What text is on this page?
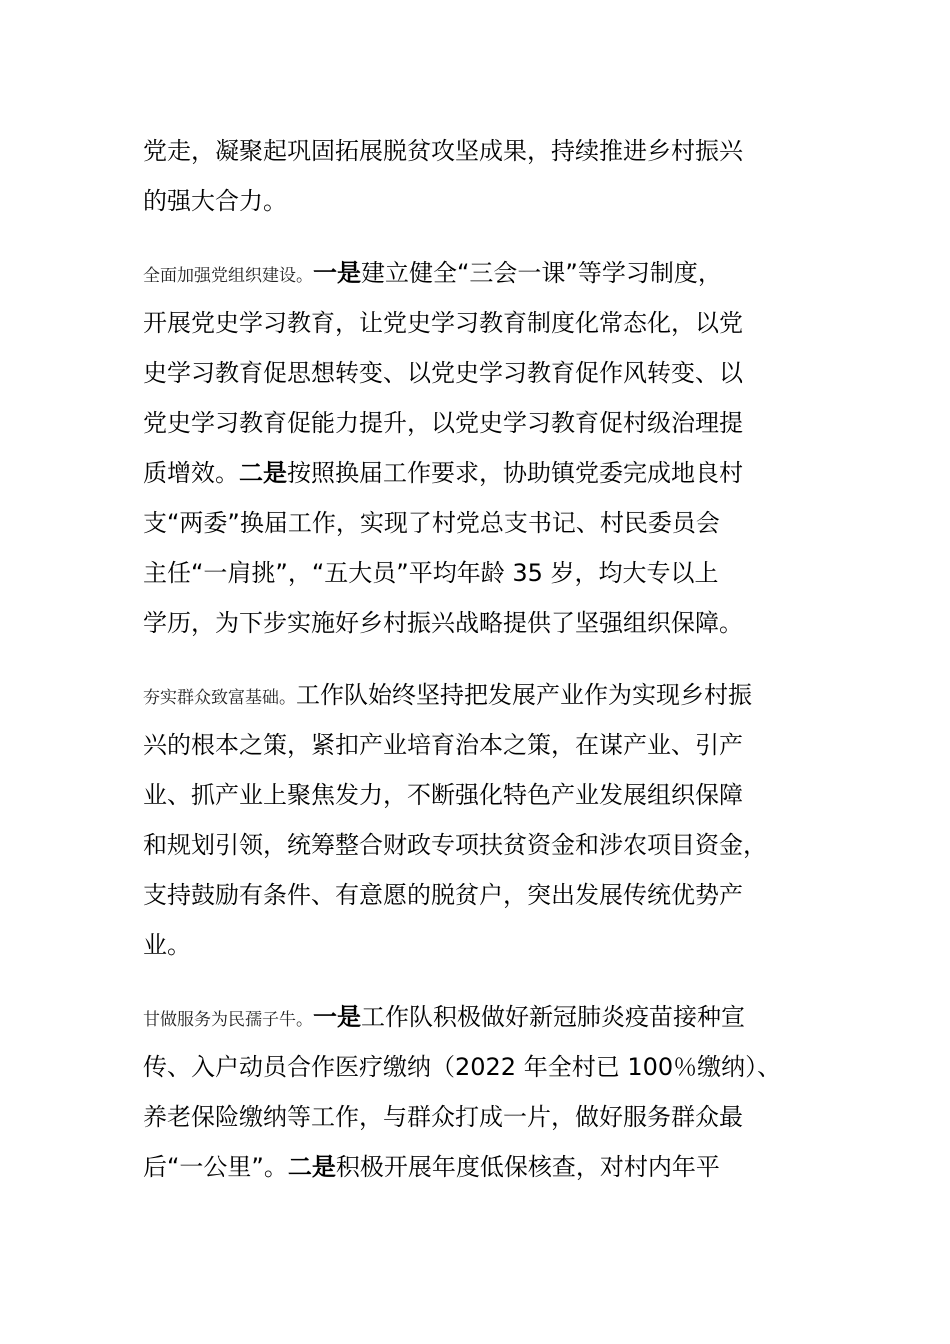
党走，凝聚起巩固拓展脱贫攻坚成果，持续推进乡村振兴
的强大合力。
全面加强党组织建设。一是建立健全“三会一课”等学习制度，
开展党史学习教育，让党史学习教育制度化常态化，以党
史学习教育促思想转变、以党史学习教育促作风转变、以
党史学习教育促能力提升，以党史学习教育促村级治理提
质增效。二是按照换届工作要求，协助镇党委完成地良村
支“两委”换届工作，实现了村党总支书记、村民委员会
主任“一肩挑”，“五大员”平均年龄 35 岁，均大专以上
学历，为下步实施好乡村振兴战略提供了坚强组织保障。
夯实群众致富基础。工作队始终坚持把发展产业作为实现乡村振
兴的根本之策，紧扣产业培育治本之策，在谋产业、引产
业、抓产业上聚焦发力，不断强化特色产业发展组织保障
和规划引领，统筹整合财政专项扶贫资金和涉农项目资金，
支持鼓励有条件、有意愿的脱贫户，突出发展传统优势产
业。
甘做服务为民孺子牛。一是工作队积极做好新冠肺炎疫苗接种宣
传、入户动员合作医疗缴纳（2022 年全村已 100％缴纳）、
养老保险缴纳等工作，与群众打成一片，做好服务群众最
后“一公里”。二是积极开展年度低保核查，对村内年平
